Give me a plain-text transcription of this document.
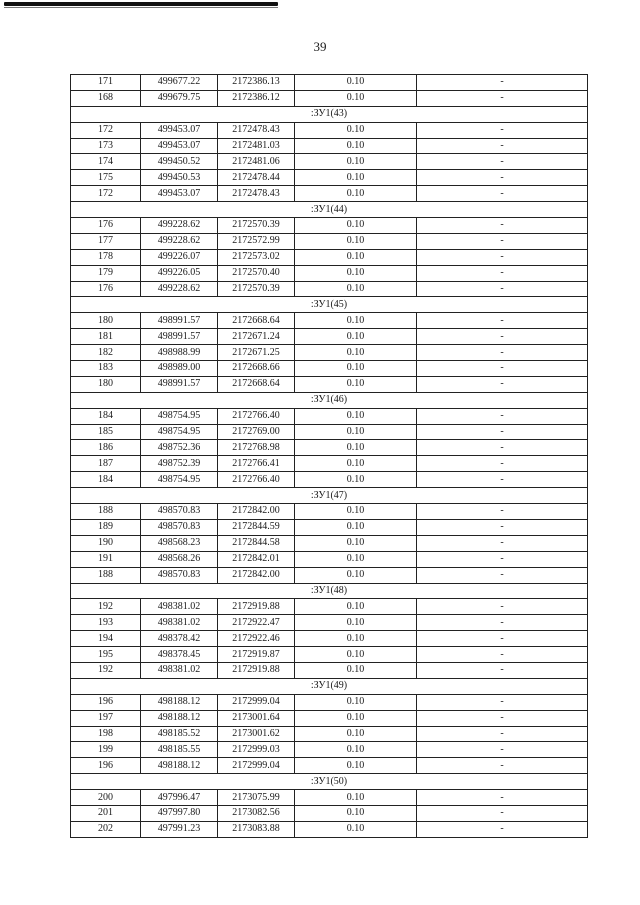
39
171	499677.22	2172386.13	0.10	-
168	499679.75	2172386.12	0.10	-
:ЗУ1(43)				
172	499453.07	2172478.43	0.10	-
173	499453.07	2172481.03	0.10	-
174	499450.52	2172481.06	0.10	-
175	499450.53	2172478.44	0.10	-
172	499453.07	2172478.43	0.10	-
:ЗУ1(44)				
176	499228.62	2172570.39	0.10	-
177	499228.62	2172572.99	0.10	-
178	499226.07	2172573.02	0.10	-
179	499226.05	2172570.40	0.10	-
176	499228.62	2172570.39	0.10	-
:ЗУ1(45)				
180	498991.57	2172668.64	0.10	-
181	498991.57	2172671.24	0.10	-
182	498988.99	2172671.25	0.10	-
183	498989.00	2172668.66	0.10	-
180	498991.57	2172668.64	0.10	-
:ЗУ1(46)				
184	498754.95	2172766.40	0.10	-
185	498754.95	2172769.00	0.10	-
186	498752.36	2172768.98	0.10	-
187	498752.39	2172766.41	0.10	-
184	498754.95	2172766.40	0.10	-
:ЗУ1(47)				
188	498570.83	2172842.00	0.10	-
189	498570.83	2172844.59	0.10	-
190	498568.23	2172844.58	0.10	-
191	498568.26	2172842.01	0.10	-
188	498570.83	2172842.00	0.10	-
:ЗУ1(48)				
192	498381.02	2172919.88	0.10	-
193	498381.02	2172922.47	0.10	-
194	498378.42	2172922.46	0.10	-
195	498378.45	2172919.87	0.10	-
192	498381.02	2172919.88	0.10	-
:ЗУ1(49)				
196	498188.12	2172999.04	0.10	-
197	498188.12	2173001.64	0.10	-
198	498185.52	2173001.62	0.10	-
199	498185.55	2172999.03	0.10	-
196	498188.12	2172999.04	0.10	-
:ЗУ1(50)				
200	497996.47	2173075.99	0.10	-
201	497997.80	2173082.56	0.10	-
202	497991.23	2173083.88	0.10	-
